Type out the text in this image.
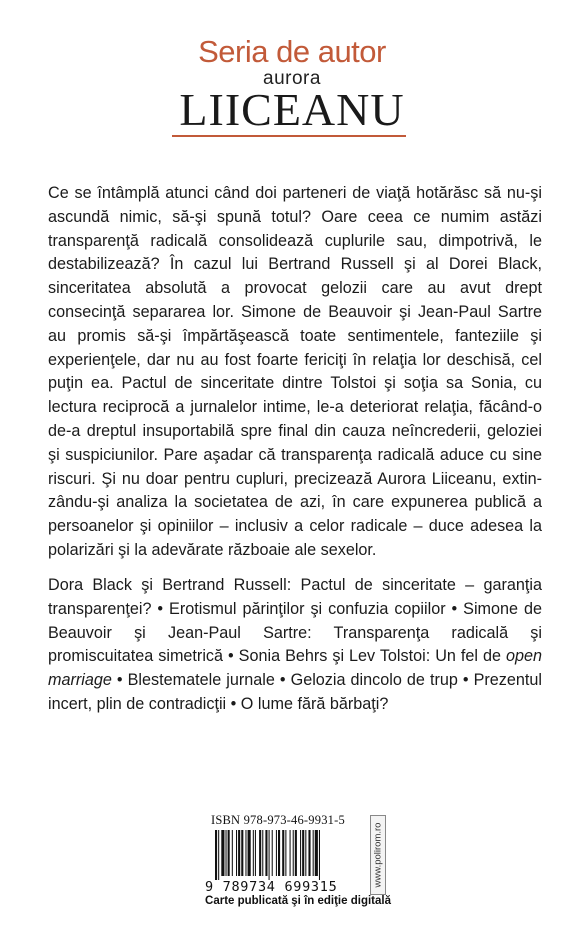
Seria de autor
aurora
LIICEANU

Ce se întâmplă atunci când doi parteneri de viaţă hotărăsc să nu-şi ascundă nimic, să-şi spună totul? Oare ceea ce numim astăzi transparenţă radicală consolidează cuplurile sau, dimpotrivă, le destabilizează? În cazul lui Bertrand Russell şi al Dorei Black, sinceritatea absolută a provocat gelozii care au avut drept consecinţă separarea lor. Simone de Beauvoir şi Jean-Paul Sartre au promis să-şi împărtăşească toate sentimentele, fanteziile şi experienţele, dar nu au fost foarte fericiţi în relaţia lor deschisă, cel puţin ea. Pactul de sinceritate dintre Tolstoi şi soţia sa Sonia, cu lectura reciprocă a jurnalelor intime, le-a deteriorat relaţia, făcând-o de-a dreptul insuportabilă spre final din cauza neîncrederii, geloziei şi suspiciunilor. Pare aşadar că transparenţa radicală aduce cu sine riscuri. Şi nu doar pentru cupluri, precizează Aurora Liiceanu, extinzându-şi analiza la societatea de azi, în care expunerea publică a persoanelor şi opiniilor – inclusiv a celor radicale – duce adesea la polarizări şi la adevărate războaie ale sexelor.

Dora Black şi Bertrand Russell: Pactul de sinceritate – garanţia transparenţei? • Erotismul părinţilor şi confuzia copiilor • Simone de Beauvoir şi Jean-Paul Sartre: Transparenţa radicală şi promiscuitatea simetrică • Sonia Behrs şi Lev Tolstoi: Un fel de open marriage • Blestematele jurnale • Gelozia dincolo de trup • Prezentul incert, plin de contradicţii • O lume fără bărbaţi?

ISBN 978-973-46-9931-5
9 789734 699315	www.polirom.ro
Carte publicată şi în ediţie digitală
